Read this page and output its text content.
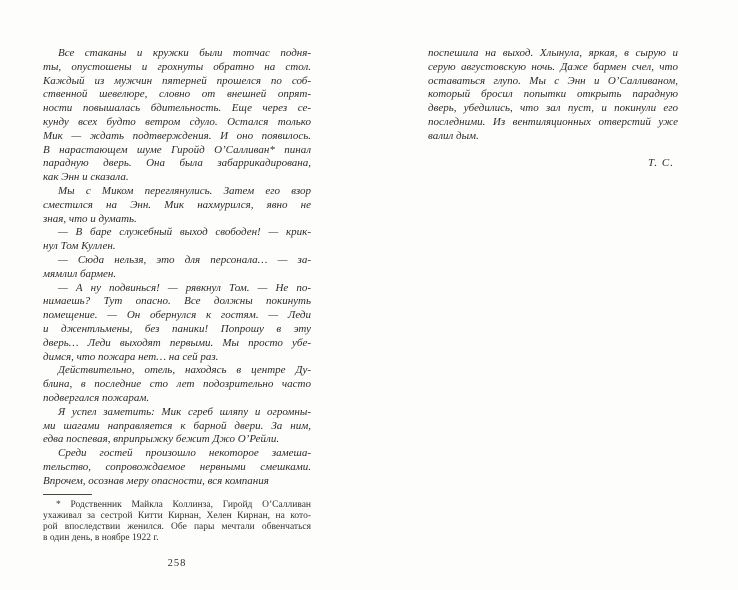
Все стаканы и кружки были тотчас подня-
ты, опустошены и грохнуты обратно на стол.
Каждый из мужчин пятерней прошелся по соб-
ственной шевелюре, словно от внешней опрят-
ности повышалась бдительность. Еще через се-
кунду всех будто ветром сдуло. Остался только
Мик — ждать подтверждения. И оно появилось.
В нарастающем шуме Гиройд О’Салливан* пинал
парадную дверь. Она была забаррикадирована,
как Энн и сказала.
Мы с Миком переглянулись. Затем его взор
сместился на Энн. Мик нахмурился, явно не
зная, что и думать.
— В баре служебный выход свободен! — крик-
нул Том Куллен.
— Сюда нельзя, это для персонала… — за-
мямлил бармен.
— А ну подвинься! — рявкнул Том. — Не по-
нимаешь? Тут опасно. Все должны покинуть
помещение. — Он обернулся к гостям. — Леди
и джентльмены, без паники! Попрошу в эту
дверь… Леди выходят первыми. Мы просто убе-
димся, что пожара нет… на сей раз.
Действительно, отель, находясь в центре Ду-
блина, в последние сто лет подозрительно часто
подвергался пожарам.
Я успел заметить: Мик сгреб шляпу и огромны-
ми шагами направляется к барной двери. За ним,
едва поспевая, вприпрыжку бежит Джо О’Рейли.
Среди гостей произошло некоторое замеша-
тельство, сопровождаемое нервными смешками.
Впрочем, осознав меру опасности, вся компания
* Родственник Майкла Коллинза, Гиройд О’Салливан
ухаживал за сестрой Китти Кирнан, Хелен Кирнан, на кото-
рой впоследствии женился. Обе пары мечтали обвенчаться
в один день, в ноябре 1922 г.
258
поспешила на выход. Хлынула, яркая, в сырую и
серую августовскую ночь. Даже бармен счел, что
оставаться глупо. Мы с Энн и О’Салливаном,
который бросил попытки открыть парадную
дверь, убедились, что зал пуст, и покинули его
последними. Из вентиляционных отверстий уже
валил дым.
Т. С.
